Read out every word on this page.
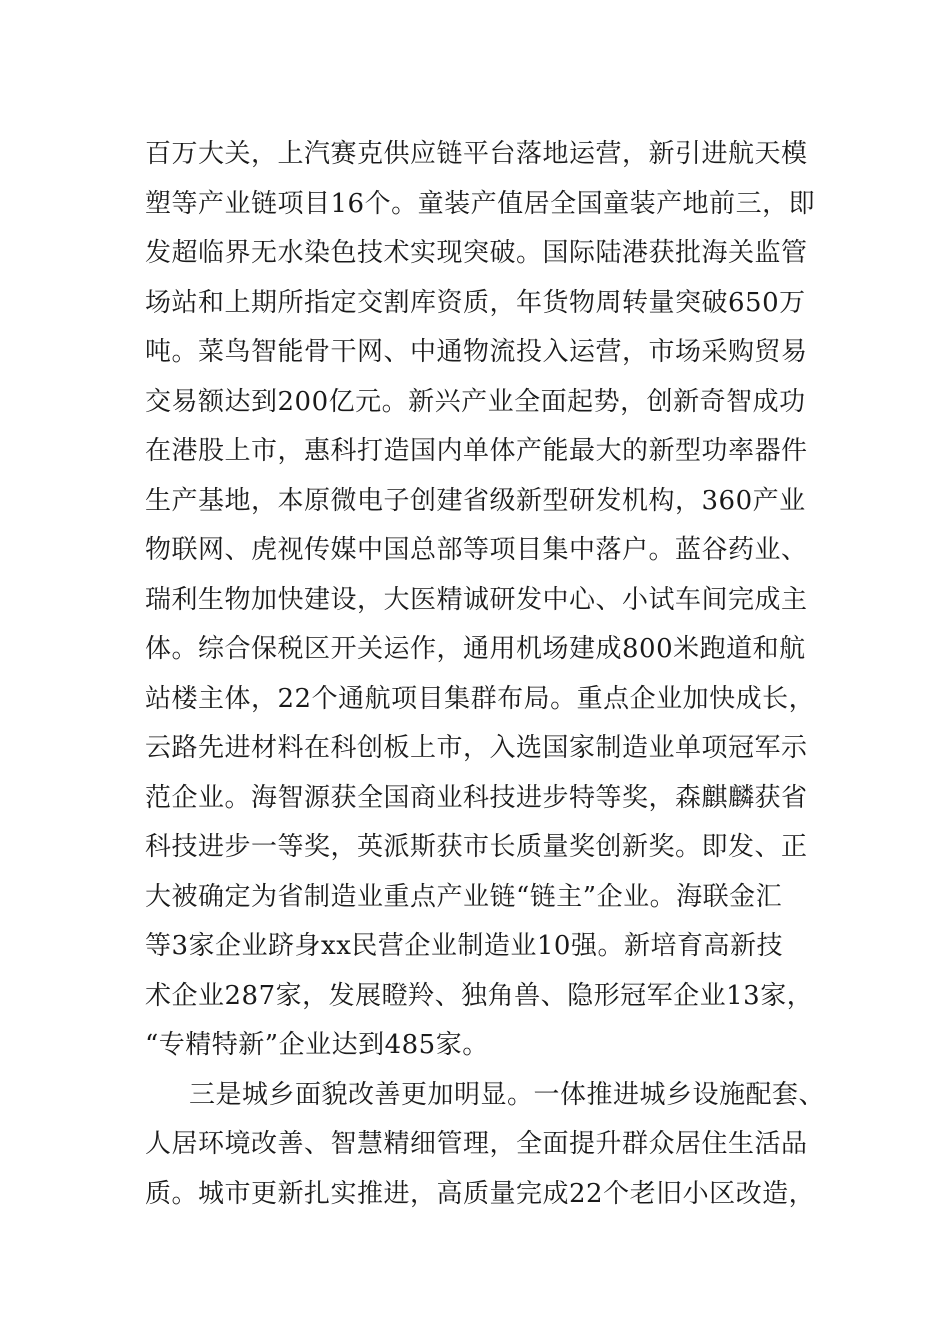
百万大关，上汽赛克供应链平台落地运营，新引进航天模
塑等产业链项目16个。童装产值居全国童装产地前三，即
发超临界无水染色技术实现突破。国际陆港获批海关监管
场站和上期所指定交割库资质，年货物周转量突破650万
吨。菜鸟智能骨干网、中通物流投入运营，市场采购贸易
交易额达到200亿元。新兴产业全面起势，创新奇智成功
在港股上市，惠科打造国内单体产能最大的新型功率器件
生产基地，本原微电子创建省级新型研发机构，360产业
物联网、虎视传媒中国总部等项目集中落户。蓝谷药业、
瑞利生物加快建设，大医精诚研发中心、小试车间完成主
体。综合保税区开关运作，通用机场建成800米跑道和航
站楼主体，22个通航项目集群布局。重点企业加快成长，
云路先进材料在科创板上市，入选国家制造业单项冠军示
范企业。海智源获全国商业科技进步特等奖，森麒麟获省
科技进步一等奖，英派斯获市长质量奖创新奖。即发、正
大被确定为省制造业重点产业链“链主”企业。海联金汇
等3家企业跻身xx民营企业制造业10强。新培育高新技
术企业287家，发展瞪羚、独角兽、隐形冠军企业13家，
“专精特新”企业达到485家。
三是城乡面貌改善更加明显。一体推进城乡设施配套、
人居环境改善、智慧精细管理，全面提升群众居住生活品
质。城市更新扎实推进，高质量完成22个老旧小区改造，
